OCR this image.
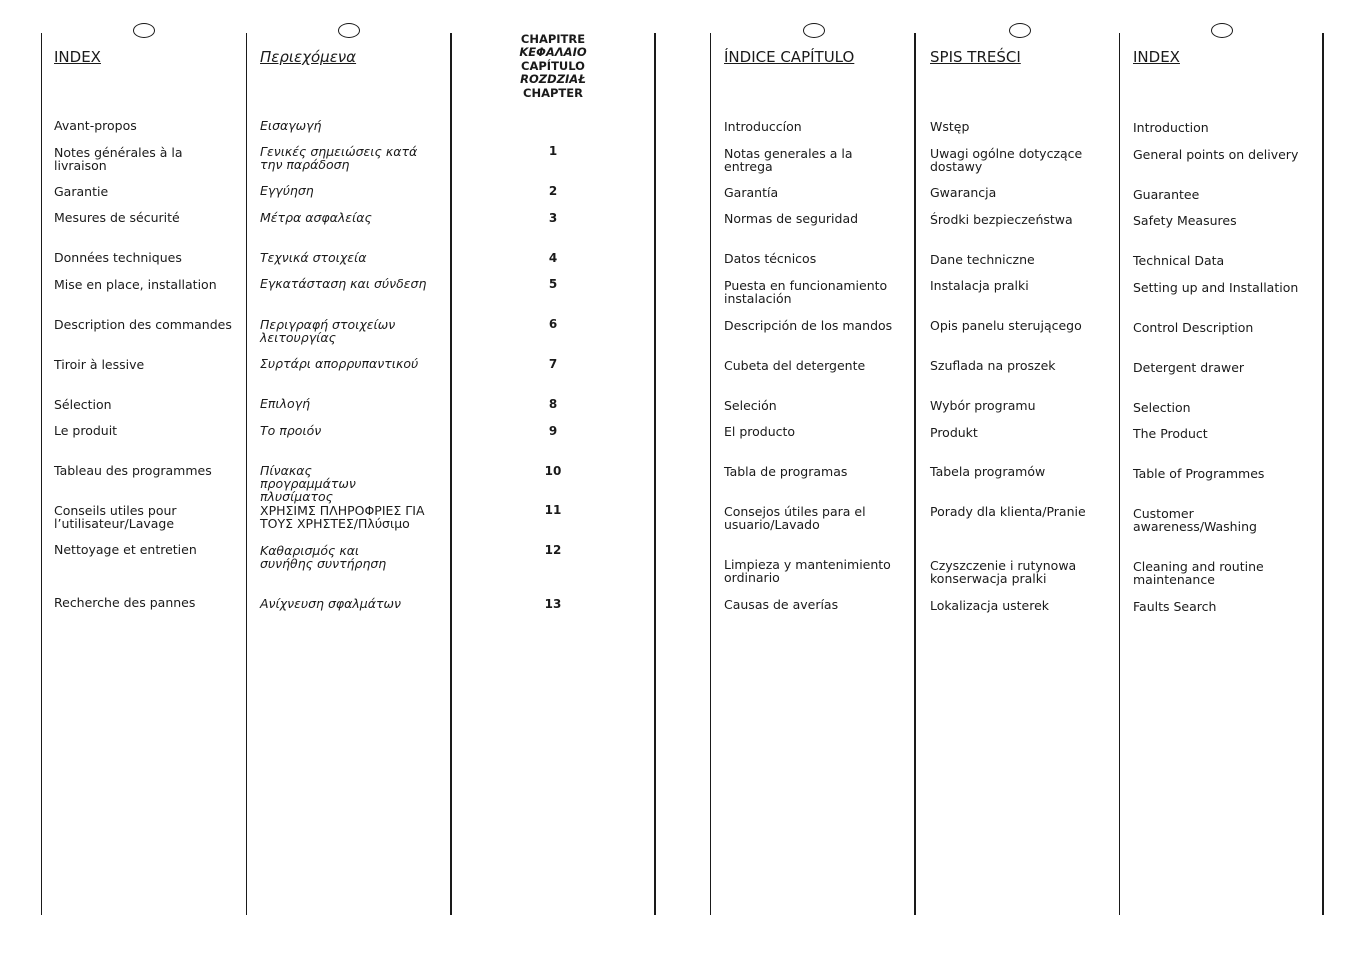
INDEX
Avant-propos
Notes générales à la livraison
Garantie
Mesures de sécurité
Données techniques
Mise en place, installation
Description des commandes
Tiroir à lessive
Sélection
Le produit
Tableau des programmes
Conseils utiles pour l’utilisateur/Lavage
Nettoyage et entretien
Recherche des pannes
Περιεχόμενα
Εισαγωγή
Γενικές σημειώσεις κατά την παράδοση
Εγγύηση
Μέτρα ασφαλείας
Τεχνικά στοιχεία
Εγκατάσταση και σύνδεση
Περιγραφή στοιχείων λειτουργίας
Συρτάρι απορρυπαντικού
Επιλογή
Το προιόν
Πίνακας προγραμμάτων πλυσίματος
ΧΡΗΣΙΜΣ ΠΛΗΡΟΦΡΙΕΣ ΓΙΑ ΤΟΥΣ ΧΡΗΣΤΕΣ/Πλύσιμο
Καθαρισμός και συνήθης συντήρηση
Ανίχνευση σφαλμάτων
CHAPITRE
ΚΕΦΑΛΑΙΟ
CAPÍTULO
ROZDZIAŁ
CHAPTER
1
2
3
4
5
6
7
8
9
10
11
12
13
ÍNDICE CAPÍTULO
Introduccíon
Notas generales a la entrega
Garantía
Normas de seguridad
Datos técnicos
Puesta en funcionamiento instalación
Descripción de los mandos
Cubeta del detergente
Seleción
El producto
Tabla de programas
Consejos útiles para el usuario/Lavado
Limpieza y mantenimiento ordinario
Causas de averías
SPIS TREŚCI
Wstęp
Uwagi ogólne dotyczące dostawy
Gwarancja
Środki bezpieczeństwa
Dane techniczne
Instalacja pralki
Opis panelu sterującego
Szuflada na proszek
Wybór programu
Produkt
Tabela programów
Porady dla klienta/Pranie
Czyszczenie i rutynowa konserwacja pralki
Lokalizacja usterek
INDEX
Introduction
General points on delivery
Guarantee
Safety Measures
Technical Data
Setting up and Installation
Control Description
Detergent drawer
Selection
The Product
Table of Programmes
Customer awareness/Washing
Cleaning and routine maintenance
Faults Search
